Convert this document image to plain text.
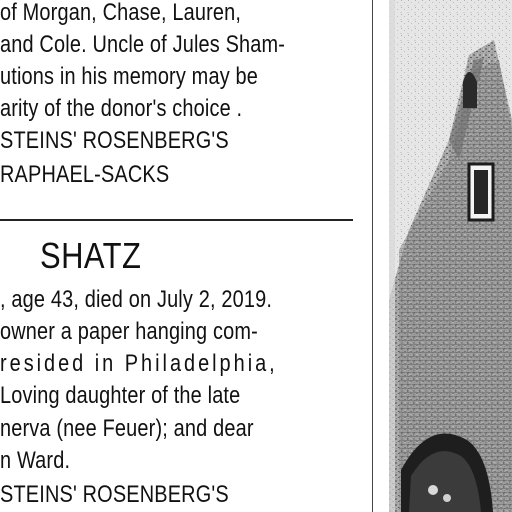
of Morgan, Chase, Lauren,
and Cole. Uncle of Jules Sham-
utions in his memory may be
arity of the donor's choice .
STEINS' ROSENBERG'S
RAPHAEL-SACKS
SHATZ
, age 43, died on July 2, 2019.
owner a paper hanging com-
resided in Philadelphia,
Loving daughter of the late
nerva (nee Feuer); and dear
n Ward.
STEINS' ROSENBERG'S
